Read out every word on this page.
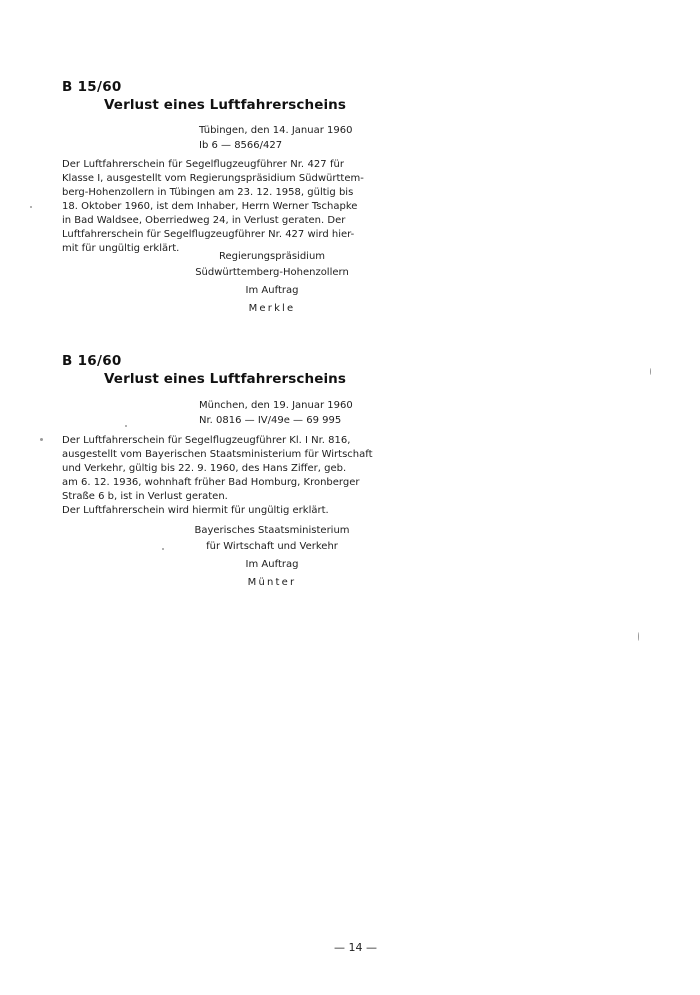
B 15/60
Verlust eines Luftfahrerscheins
Tübingen, den 14. Januar 1960
Ib 6 — 8566/427
Der Luftfahrerschein für Segelflugzeugführer Nr. 427 für
Klasse I, ausgestellt vom Regierungspräsidium Südwürttem-
berg-Hohenzollern in Tübingen am 23. 12. 1958, gültig bis
18. Oktober 1960, ist dem Inhaber, Herrn Werner Tschapke
in Bad Waldsee, Oberriedweg 24, in Verlust geraten. Der
Luftfahrerschein für Segelflugzeugführer Nr. 427 wird hier-
mit für ungültig erklärt.
Regierungspräsidium
Südwürttemberg-Hohenzollern
Im Auftrag
Merkle
B 16/60
Verlust eines Luftfahrerscheins
München, den 19. Januar 1960
Nr. 0816 — IV/49e — 69 995
Der Luftfahrerschein für Segelflugzeugführer Kl. I Nr. 816,
ausgestellt vom Bayerischen Staatsministerium für Wirtschaft
und Verkehr, gültig bis 22. 9. 1960, des Hans Ziffer, geb.
am 6. 12. 1936, wohnhaft früher Bad Homburg, Kronberger
Straße 6 b, ist in Verlust geraten.
Der Luftfahrerschein wird hiermit für ungültig erklärt.
Bayerisches Staatsministerium
für Wirtschaft und Verkehr
Im Auftrag
Münter
— 14 —
